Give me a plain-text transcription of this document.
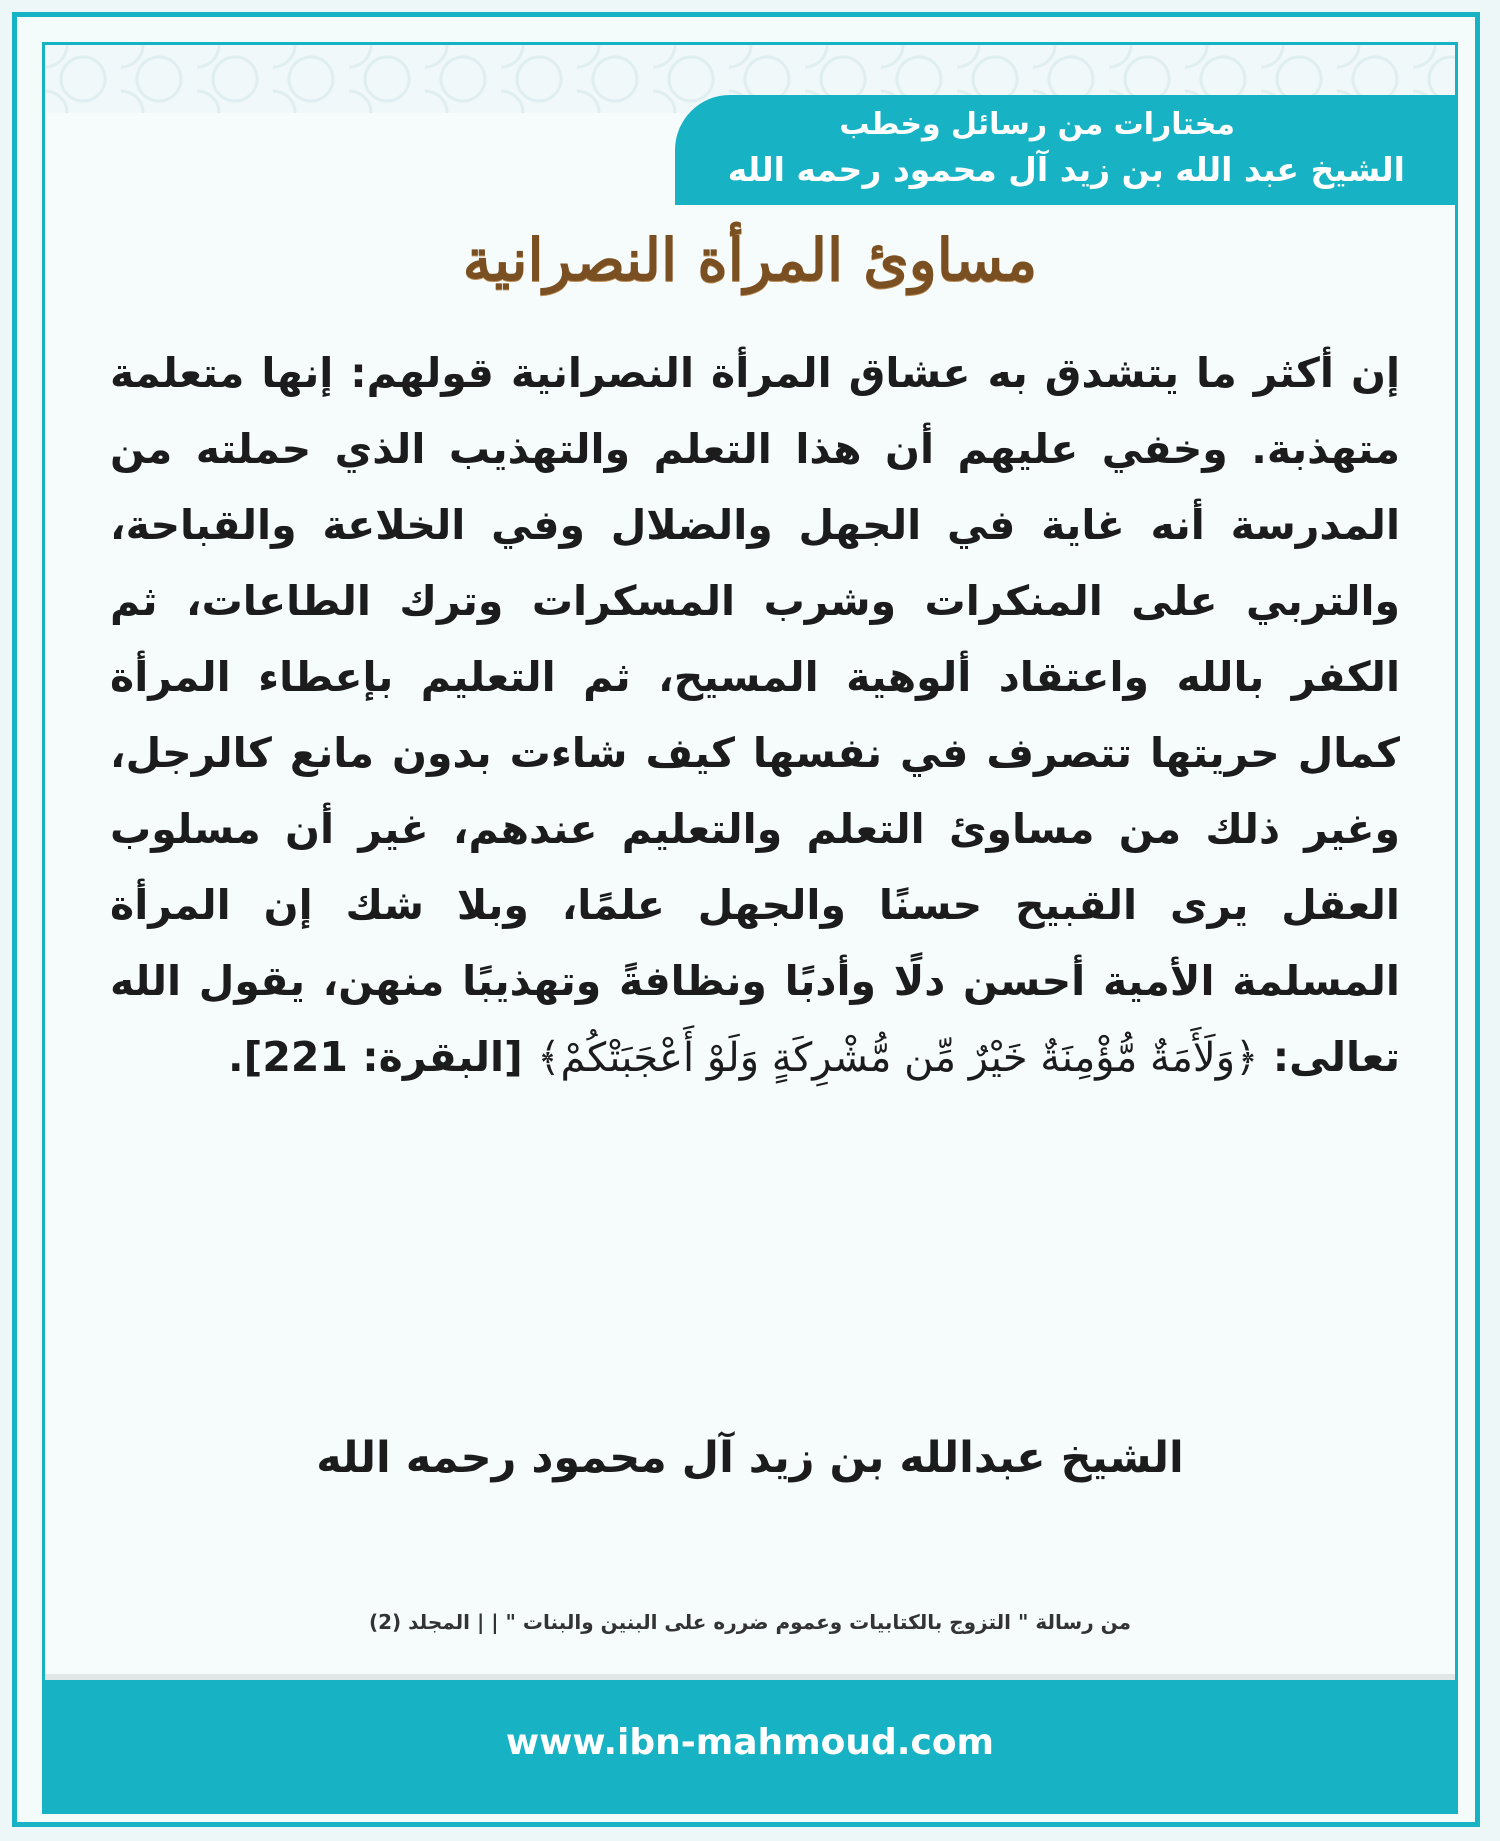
مختارات من رسائل وخطب
الشيخ عبد الله بن زيد آل محمود رحمه الله
مساوئ المرأة النصرانية
إن أكثر ما يتشدق به عشاق المرأة النصرانية قولهم: إنها متعلمة متهذبة. وخفي عليهم أن هذا التعلم والتهذيب الذي حملته من المدرسة أنه غاية في الجهل والضلال وفي الخلاعة والقباحة، والتربي على المنكرات وشرب المسكرات وترك الطاعات، ثم الكفر بالله واعتقاد ألوهية المسيح، ثم التعليم بإعطاء المرأة كمال حريتها تتصرف في نفسها كيف شاءت بدون مانع كالرجل، وغير ذلك من مساوئ التعلم والتعليم عندهم، غير أن مسلوب العقل يرى القبيح حسنًا والجهل علمًا، وبلا شك إن المرأة المسلمة الأمية أحسن دلًا وأدبًا ونظافةً وتهذيبًا منهن، يقول الله تعالى: ﴿وَلَأَمَةٌ مُّؤْمِنَةٌ خَيْرٌ مِّن مُّشْرِكَةٍ وَلَوْ أَعْجَبَتْكُمْ﴾ [البقرة: 221].
الشيخ عبدالله بن زيد آل محمود رحمه الله
من رسالة " التزوج بالكتابيات وعموم ضرره على البنين والبنات " | | المجلد (2)
www.ibn-mahmoud.com
